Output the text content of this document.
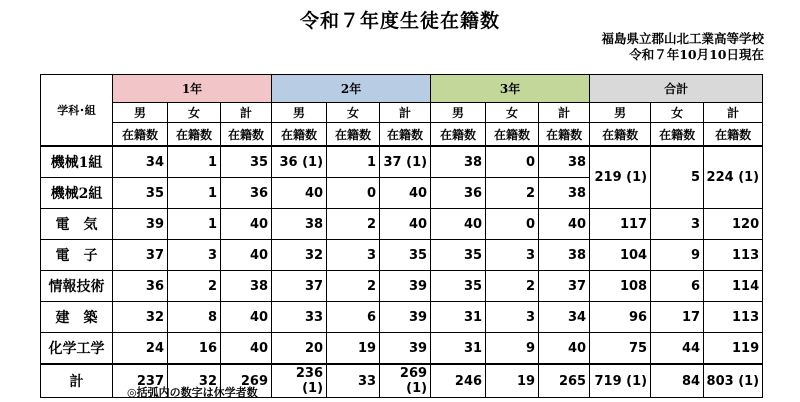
令和７年度生徒在籍数
福島県立郡山北工業高等学校
令和７年10月10日現在
学科･組	1年			2年			3年			合計		
	男	女	計	男	女	計	男	女	計	男	女	計
	在籍数	在籍数	在籍数	在籍数	在籍数	在籍数	在籍数	在籍数	在籍数	在籍数	在籍数	在籍数
機械1組	34	1	35	36 (1)	1	37 (1)	38	0	38	219 (1)	5	224 (1)
機械2組	35	1	36	40	0	40	36	2	38			
電　気	39	1	40	38	2	40	40	0	40	117	3	120
電　子	37	3	40	32	3	35	35	3	38	104	9	113
情報技術	36	2	38	37	2	39	35	2	37	108	6	114
建　築	32	8	40	33	6	39	31	3	34	96	17	113
化学工学	24	16	40	20	19	39	31	9	40	75	44	119
計	237	32	269	236 (1)	33	269 (1)	246	19	265	719 (1)	84	803 (1)
◎括弧内の数字は休学者数
